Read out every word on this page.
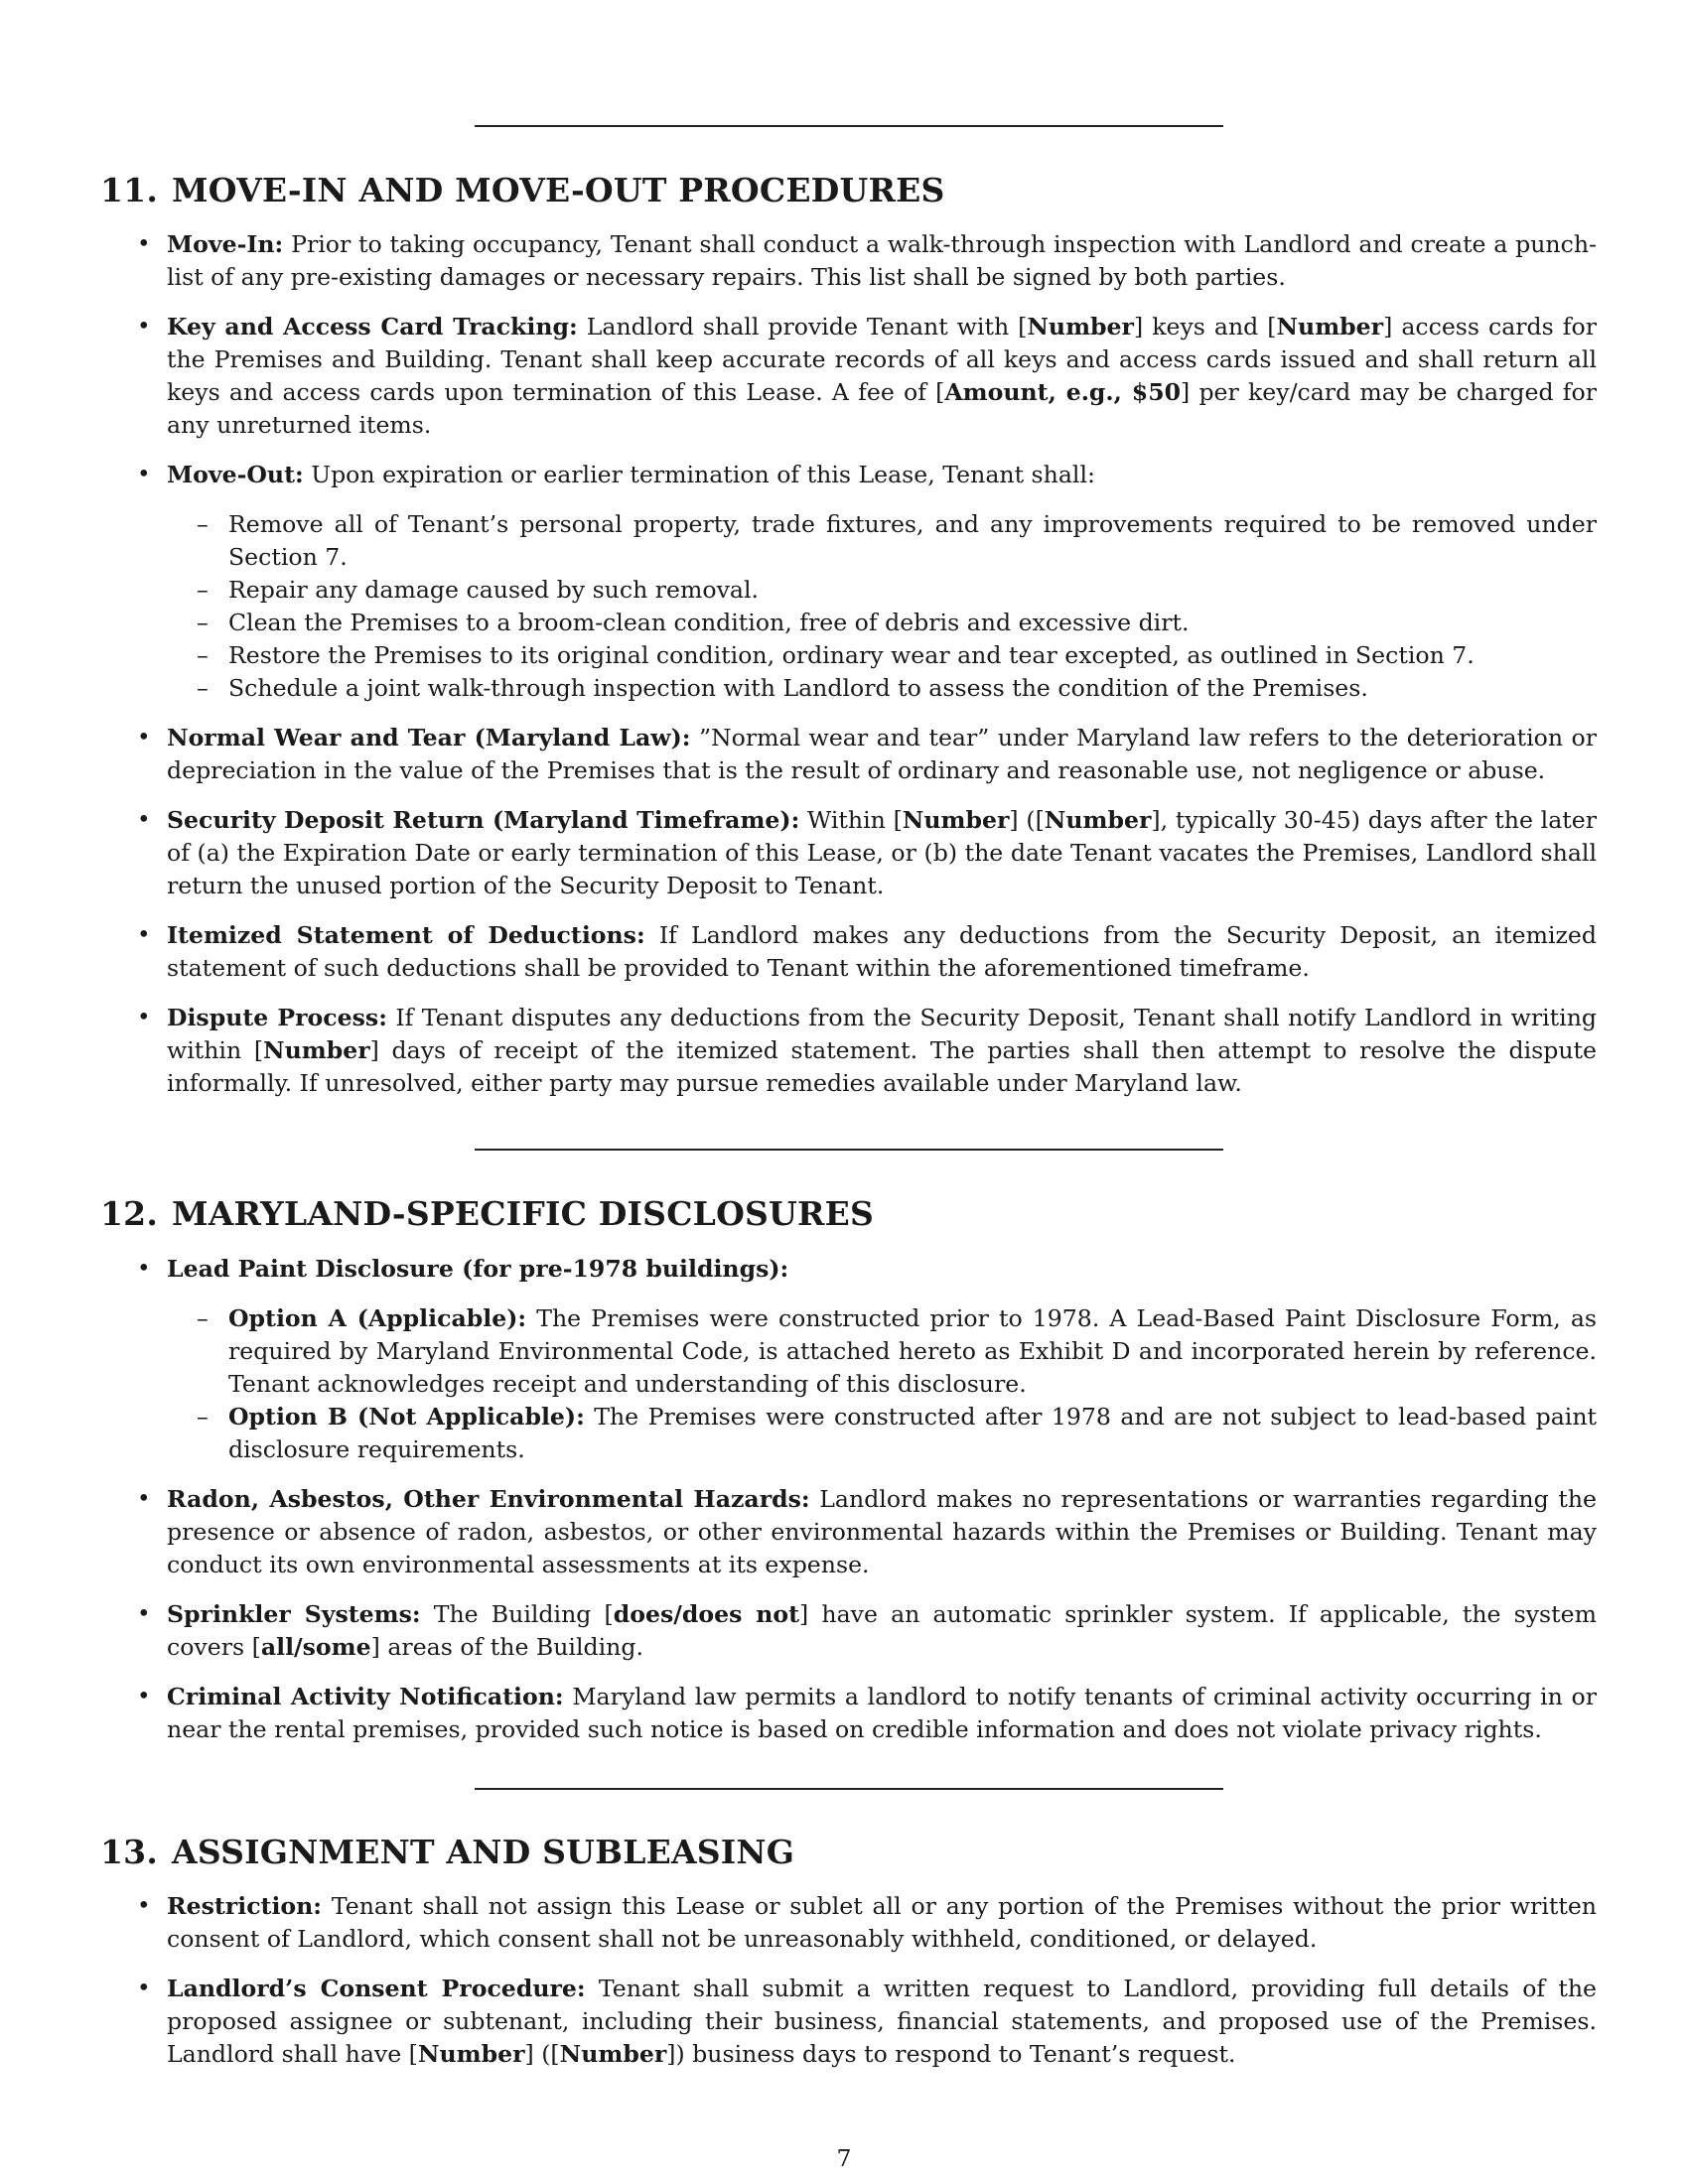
11. MOVE-IN AND MOVE-OUT PROCEDURES
• Move-In: Prior to taking occupancy, Tenant shall conduct a walk-through inspection with Landlord and create a punch-list of any pre-existing damages or necessary repairs. This list shall be signed by both parties.
• Key and Access Card Tracking: Landlord shall provide Tenant with [Number] keys and [Number] access cards for the Premises and Building. Tenant shall keep accurate records of all keys and access cards issued and shall return all keys and access cards upon termination of this Lease. A fee of [Amount, e.g., $50] per key/card may be charged for any unreturned items.
• Move-Out: Upon expiration or earlier termination of this Lease, Tenant shall:
– Remove all of Tenant’s personal property, trade fixtures, and any improvements required to be removed under Section 7.
– Repair any damage caused by such removal.
– Clean the Premises to a broom-clean condition, free of debris and excessive dirt.
– Restore the Premises to its original condition, ordinary wear and tear excepted, as outlined in Section 7.
– Schedule a joint walk-through inspection with Landlord to assess the condition of the Premises.
• Normal Wear and Tear (Maryland Law): ”Normal wear and tear” under Maryland law refers to the deterioration or depreciation in the value of the Premises that is the result of ordinary and reasonable use, not negligence or abuse.
• Security Deposit Return (Maryland Timeframe): Within [Number] ([Number], typically 30-45) days after the later of (a) the Expiration Date or early termination of this Lease, or (b) the date Tenant vacates the Premises, Landlord shall return the unused portion of the Security Deposit to Tenant.
• Itemized Statement of Deductions: If Landlord makes any deductions from the Security Deposit, an itemized statement of such deductions shall be provided to Tenant within the aforementioned timeframe.
• Dispute Process: If Tenant disputes any deductions from the Security Deposit, Tenant shall notify Landlord in writing within [Number] days of receipt of the itemized statement. The parties shall then attempt to resolve the dispute informally. If unresolved, either party may pursue remedies available under Maryland law.
12. MARYLAND-SPECIFIC DISCLOSURES
• Lead Paint Disclosure (for pre-1978 buildings):
– Option A (Applicable): The Premises were constructed prior to 1978. A Lead-Based Paint Disclosure Form, as required by Maryland Environmental Code, is attached hereto as Exhibit D and incorporated herein by reference. Tenant acknowledges receipt and understanding of this disclosure.
– Option B (Not Applicable): The Premises were constructed after 1978 and are not subject to lead-based paint disclosure requirements.
• Radon, Asbestos, Other Environmental Hazards: Landlord makes no representations or warranties regarding the presence or absence of radon, asbestos, or other environmental hazards within the Premises or Building. Tenant may conduct its own environmental assessments at its expense.
• Sprinkler Systems: The Building [does/does not] have an automatic sprinkler system. If applicable, the system covers [all/some] areas of the Building.
• Criminal Activity Notification: Maryland law permits a landlord to notify tenants of criminal activity occurring in or near the rental premises, provided such notice is based on credible information and does not violate privacy rights.
13. ASSIGNMENT AND SUBLEASING
• Restriction: Tenant shall not assign this Lease or sublet all or any portion of the Premises without the prior written consent of Landlord, which consent shall not be unreasonably withheld, conditioned, or delayed.
• Landlord’s Consent Procedure: Tenant shall submit a written request to Landlord, providing full details of the proposed assignee or subtenant, including their business, financial statements, and proposed use of the Premises. Landlord shall have [Number] ([Number]) business days to respond to Tenant’s request.
7
